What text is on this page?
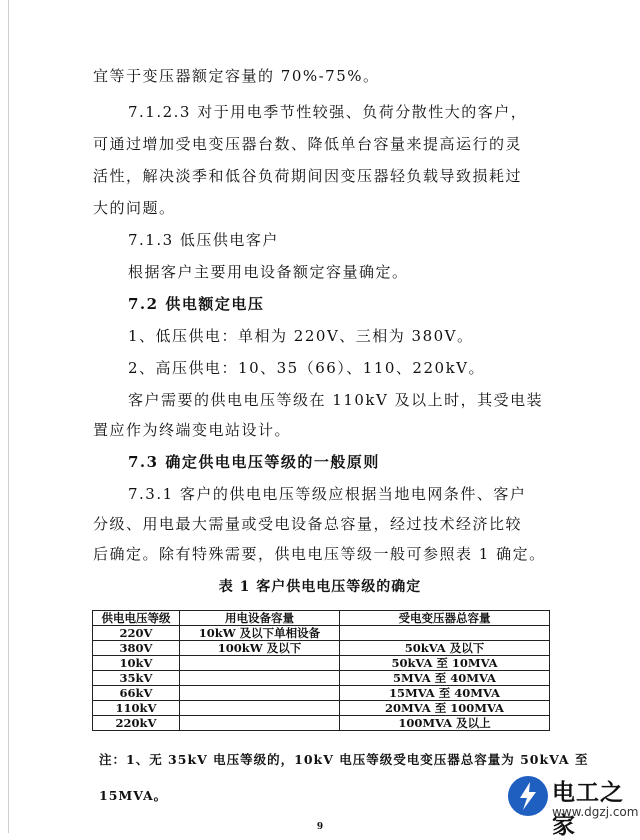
宜等于变压器额定容量的 70%-75%。
7.1.2.3 对于用电季节性较强、负荷分散性大的客户，
可通过增加受电变压器台数、降低单台容量来提高运行的灵
活性，解决淡季和低谷负荷期间因变压器轻负载导致损耗过
大的问题。
7.1.3 低压供电客户
根据客户主要用电设备额定容量确定。
7.2 供电额定电压
1、低压供电：单相为 220V、三相为 380V。
2、高压供电：10、35（66）、110、220kV。
客户需要的供电电压等级在 110kV 及以上时，其受电装
置应作为终端变电站设计。
7.3 确定供电电压等级的一般原则
7.3.1 客户的供电电压等级应根据当地电网条件、客户
分级、用电最大需量或受电设备总容量，经过技术经济比较
后确定。除有特殊需要，供电电压等级一般可参照表 1 确定。
表 1 客户供电电压等级的确定
供电电压等级	用电设备容量	受电变压器总容量
220V	10kW 及以下单相设备	
380V	100kW 及以下	50kVA 及以下
10kV		50kVA 至 10MVA
35kV		5MVA 至 40MVA
66kV		15MVA 至 40MVA
110kV		20MVA 至 100MVA
220kV		100MVA 及以上
注：1、无 35kV 电压等级的，10kV 电压等级受电变压器总容量为 50kVA 至
15MVA。
9
电工之家
www.dgzj.com
